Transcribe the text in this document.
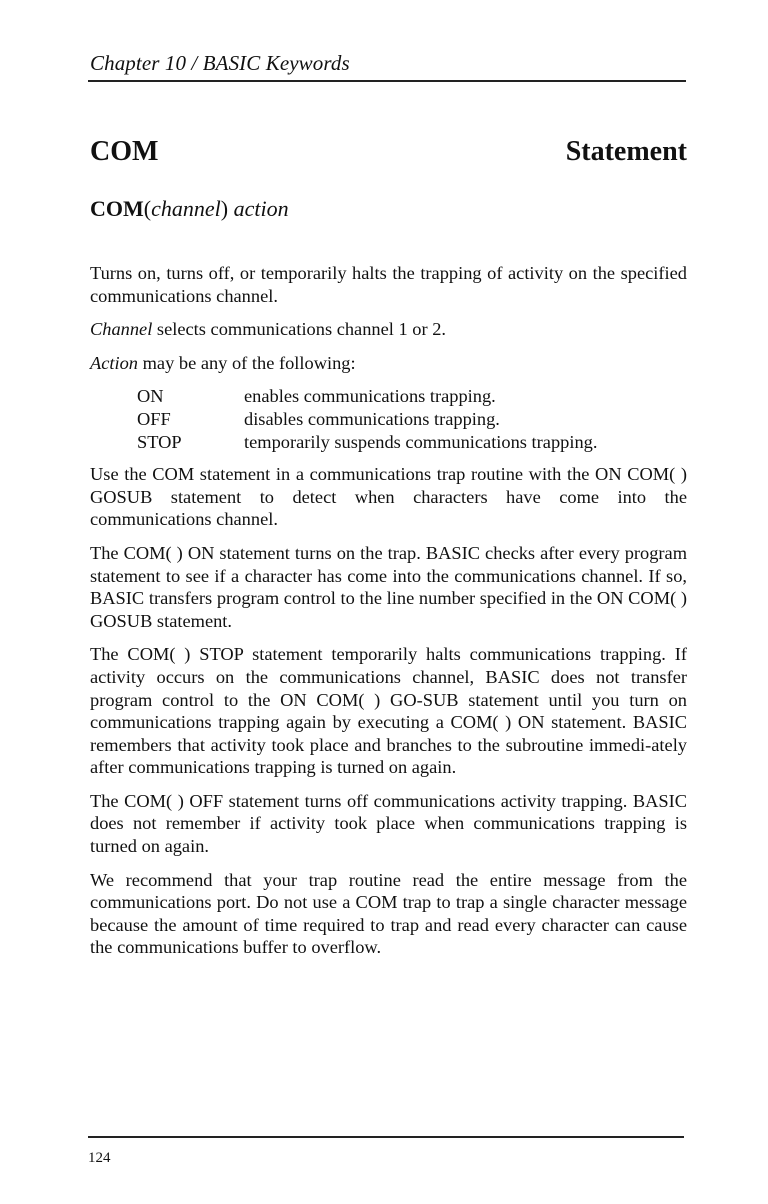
Chapter 10 / BASIC Keywords
COM	Statement
COM(channel) action

Turns on, turns off, or temporarily halts the trapping of activity on the specified communications channel.

Channel selects communications channel 1 or 2.

Action may be any of the following:

ON	enables communications trapping.
OFF	disables communications trapping.
STOP	temporarily suspends communications trapping.

Use the COM statement in a communications trap routine with the ON COM( ) GOSUB statement to detect when characters have come into the communications channel.

The COM( ) ON statement turns on the trap. BASIC checks after every program statement to see if a character has come into the communications channel. If so, BASIC transfers program control to the line number specified in the ON COM( ) GOSUB statement.

The COM( ) STOP statement temporarily halts communications trapping. If activity occurs on the communications channel, BASIC does not transfer program control to the ON COM( ) GO-SUB statement until you turn on communications trapping again by executing a COM( ) ON statement. BASIC remembers that activity took place and branches to the subroutine immedi-ately after communications trapping is turned on again.

The COM( ) OFF statement turns off communications activity trapping. BASIC does not remember if activity took place when communications trapping is turned on again.

We recommend that your trap routine read the entire message from the communications port. Do not use a COM trap to trap a single character message because the amount of time required to trap and read every character can cause the communications buffer to overflow.

124
